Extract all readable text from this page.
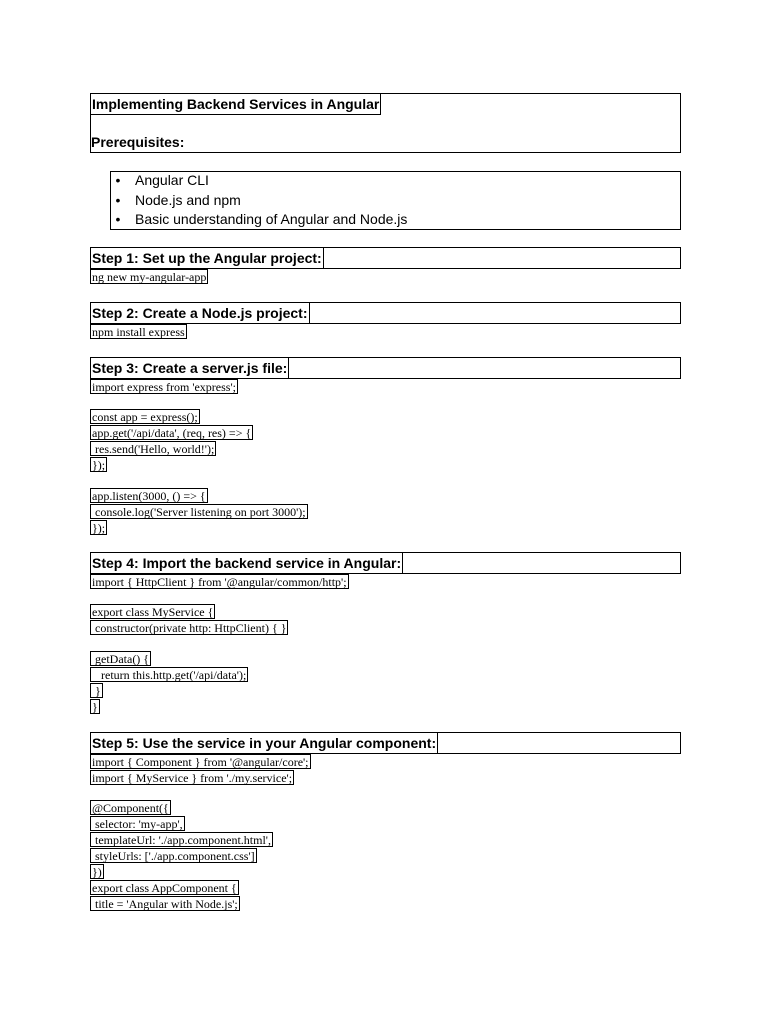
Implementing Backend Services in Angular
Prerequisites:
• Angular CLI
• Node.js and npm
• Basic understanding of Angular and Node.js
Step 1: Set up the Angular project:
ng new my-angular-app
Step 2: Create a Node.js project:
npm install express
Step 3: Create a server.js file:
import express from 'express';
const app = express();
app.get('/api/data', (req, res) => {
res.send('Hello, world!');
});
app.listen(3000, () => {
console.log('Server listening on port 3000');
});
Step 4: Import the backend service in Angular:
import { HttpClient } from '@angular/common/http';
export class MyService {
constructor(private http: HttpClient) { }
getData() {
return this.http.get('/api/data');
}
}
Step 5: Use the service in your Angular component:
import { Component } from '@angular/core';
import { MyService } from './my.service';
@Component({
selector: 'my-app',
templateUrl: './app.component.html',
styleUrls: ['./app.component.css']
})
export class AppComponent {
title = 'Angular with Node.js';
